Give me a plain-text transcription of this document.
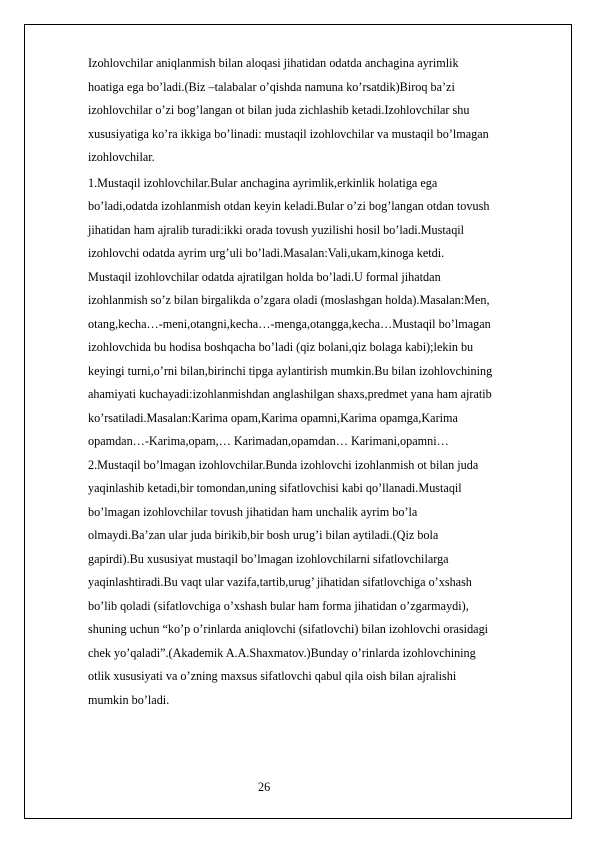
Izohlovchilar aniqlanmish bilan aloqasi jihatidan odatda anchagina ayrimlik
hoatiga ega bo’ladi.(Biz –talabalar o’qishda namuna ko’rsatdik)Biroq ba’zi
izohlovchilar o’zi bog’langan ot bilan juda zichlashib ketadi.Izohlovchilar shu
xususiyatiga ko’ra ikkiga bo’linadi: mustaqil izohlovchilar va mustaqil bo’lmagan
izohlovchilar.
1.Mustaqil izohlovchilar.Bular anchagina ayrimlik,erkinlik holatiga ega
bo’ladi,odatda izohlanmish otdan keyin keladi.Bular o’zi bog’langan otdan tovush
jihatidan ham ajralib turadi:ikki orada tovush yuzilishi hosil bo’ladi.Mustaqil
izohlovchi odatda ayrim urg’uli bo’ladi.Masalan:Vali,ukam,kinoga ketdi.
Mustaqil izohlovchilar odatda ajratilgan holda bo’ladi.U formal jihatdan
izohlanmish so’z bilan birgalikda o’zgara oladi (moslashgan holda).Masalan:Men,
otang,kecha…-meni,otangni,kecha…-menga,otangga,kecha…Mustaqil bo’lmagan
izohlovchida bu hodisa boshqacha bo’ladi (qiz bolani,qiz bolaga kabi);lekin bu
keyingi turni,o’rni bilan,birinchi tipga aylantirish mumkin.Bu bilan izohlovchining
ahamiyati kuchayadi:izohlanmishdan anglashilgan shaxs,predmet yana ham ajratib
ko’rsatiladi.Masalan:Karima opam,Karima opamni,Karima opamga,Karima
opamdan…-Karima,opam,… Karimadan,opamdan… Karimani,opamni…
2.Mustaqil bo’lmagan izohlovchilar.Bunda izohlovchi izohlanmish ot bilan juda
yaqinlashib ketadi,bir tomondan,uning sifatlovchisi kabi qo’llanadi.Mustaqil
bo’lmagan izohlovchilar tovush jihatidan ham unchalik ayrim bo’la
olmaydi.Ba’zan ular juda birikib,bir bosh urug’i bilan aytiladi.(Qiz bola
gapirdi).Bu xususiyat mustaqil bo’lmagan izohlovchilarni sifatlovchilarga
yaqinlashtiradi.Bu vaqt ular vazifa,tartib,urug’ jihatidan sifatlovchiga o’xshash
bo’lib qoladi (sifatlovchiga o’xshash bular ham forma jihatidan o’zgarmaydi),
shuning uchun “ko’p o’rinlarda aniqlovchi (sifatlovchi) bilan izohlovchi orasidagi
chek yo’qaladi”.(Akademik A.A.Shaxmatov.)Bunday o’rinlarda izohlovchining
otlik xususiyati va o’zning maxsus sifatlovchi qabul qila oish bilan ajralishi
mumkin bo’ladi.
26
